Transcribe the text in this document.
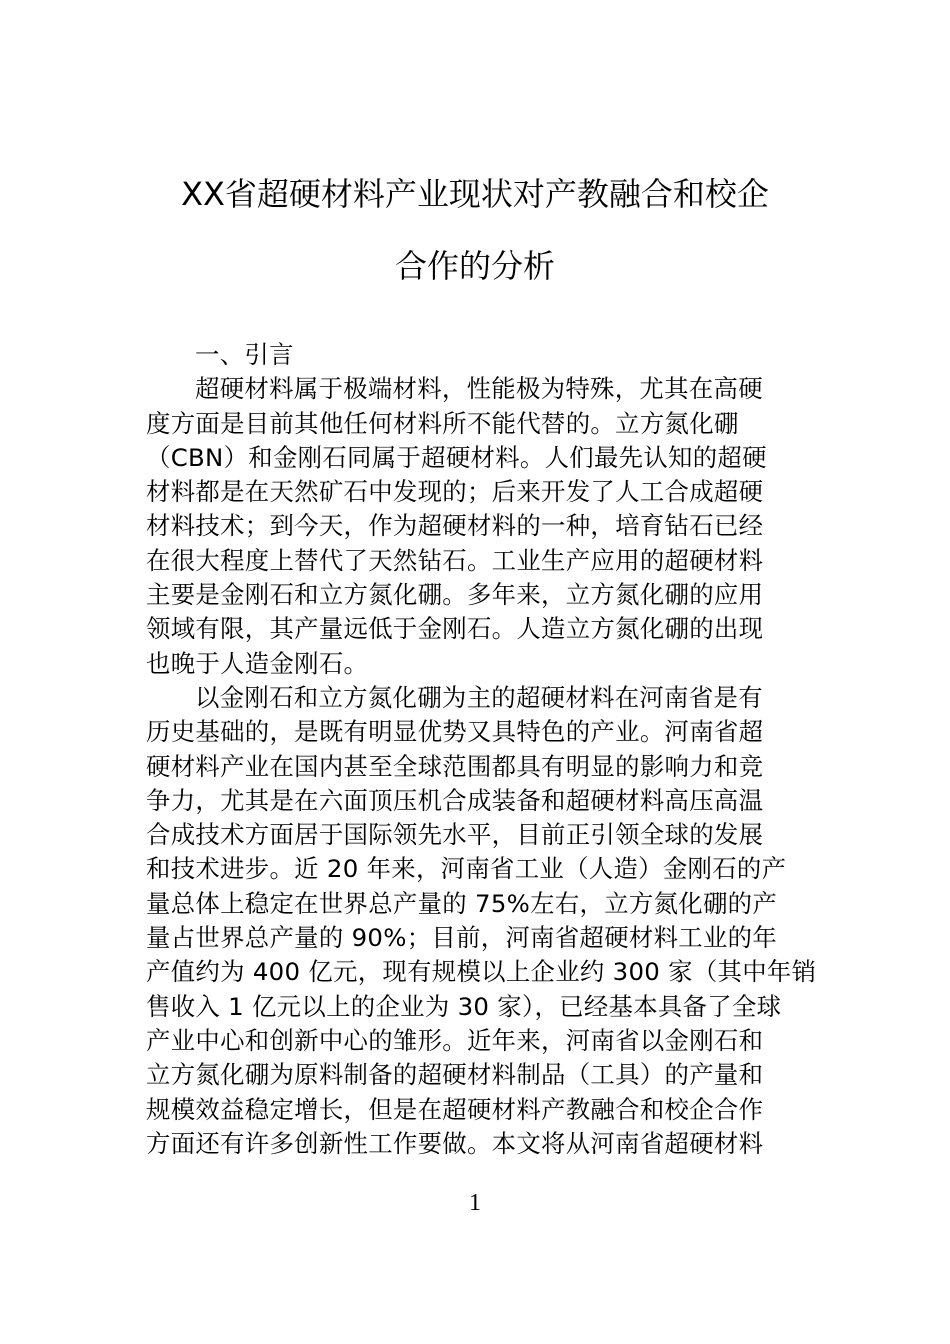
XX省超硬材料产业现状对产教融合和校企
合作的分析
一、引言
超硬材料属于极端材料，性能极为特殊，尤其在高硬
度方面是目前其他任何材料所不能代替的。立方氮化硼
（CBN）和金刚石同属于超硬材料。人们最先认知的超硬
材料都是在天然矿石中发现的；后来开发了人工合成超硬
材料技术；到今天，作为超硬材料的一种，培育钻石已经
在很大程度上替代了天然钻石。工业生产应用的超硬材料
主要是金刚石和立方氮化硼。多年来，立方氮化硼的应用
领域有限，其产量远低于金刚石。人造立方氮化硼的出现
也晚于人造金刚石。
以金刚石和立方氮化硼为主的超硬材料在河南省是有
历史基础的，是既有明显优势又具特色的产业。河南省超
硬材料产业在国内甚至全球范围都具有明显的影响力和竞
争力，尤其是在六面顶压机合成装备和超硬材料高压高温
合成技术方面居于国际领先水平，目前正引领全球的发展
和技术进步。近 20 年来，河南省工业（人造）金刚石的产
量总体上稳定在世界总产量的 75%左右，立方氮化硼的产
量占世界总产量的 90%；目前，河南省超硬材料工业的年
产值约为 400 亿元，现有规模以上企业约 300 家（其中年销
售收入 1 亿元以上的企业为 30 家），已经基本具备了全球
产业中心和创新中心的雏形。近年来，河南省以金刚石和
立方氮化硼为原料制备的超硬材料制品（工具）的产量和
规模效益稳定增长，但是在超硬材料产教融合和校企合作
方面还有许多创新性工作要做。本文将从河南省超硬材料
1
